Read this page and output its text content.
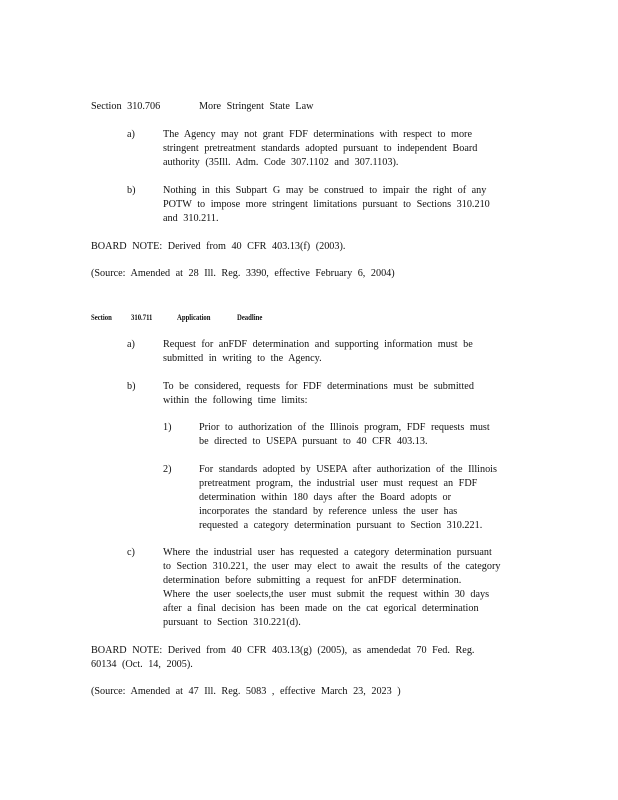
Section 310.706	More Stringent State Law
a)	The Agency may not grant FDF determinations with respect to more
stringent pretreatment standards adopted pursuant to independent Board
authority (35Ill. Adm. Code 307.1102 and 307.1103).
b)	Nothing in this Subpart G may be construed to impair the right of any
POTW to impose more stringent limitations pursuant to Sections 310.210
and 310.211.
BOARD NOTE: Derived from 40 CFR 403.13(f) (2003).
(Source: Amended at 28 Ill. Reg. 3390, effective February 6, 2004)
Section 310.711	Application	Deadline
a)	Request for anFDF determination and supporting information must be
submitted in writing to the Agency.
b)	To be considered, requests for FDF determinations must be submitted
within the following time limits:
1)	Prior to authorization of the Illinois program, FDF requests must
be directed to USEPA pursuant to 40 CFR 403.13.
2)	For standards adopted by USEPA after authorization of the Illinois
pretreatment program, the industrial user must request an FDF
determination within 180 days after the Board adopts or
incorporates the standard by reference unless the user has
requested a category determination pursuant to Section 310.221.
c)	Where the industrial user has requested a category determination pursuant
to Section 310.221, the user may elect to await the results of the category
determination before submitting a request for anFDF determination.
Where the user soelects,the user must submit the request within 30 days
after a final decision has been made on the cat egorical determination
pursuant to Section 310.221(d).
BOARD NOTE: Derived from 40 CFR 403.13(g) (2005), as amendedat 70 Fed. Reg.
60134 (Oct. 14, 2005).
(Source: Amended at 47 Ill. Reg. 5083 , effective March 23, 2023 )
